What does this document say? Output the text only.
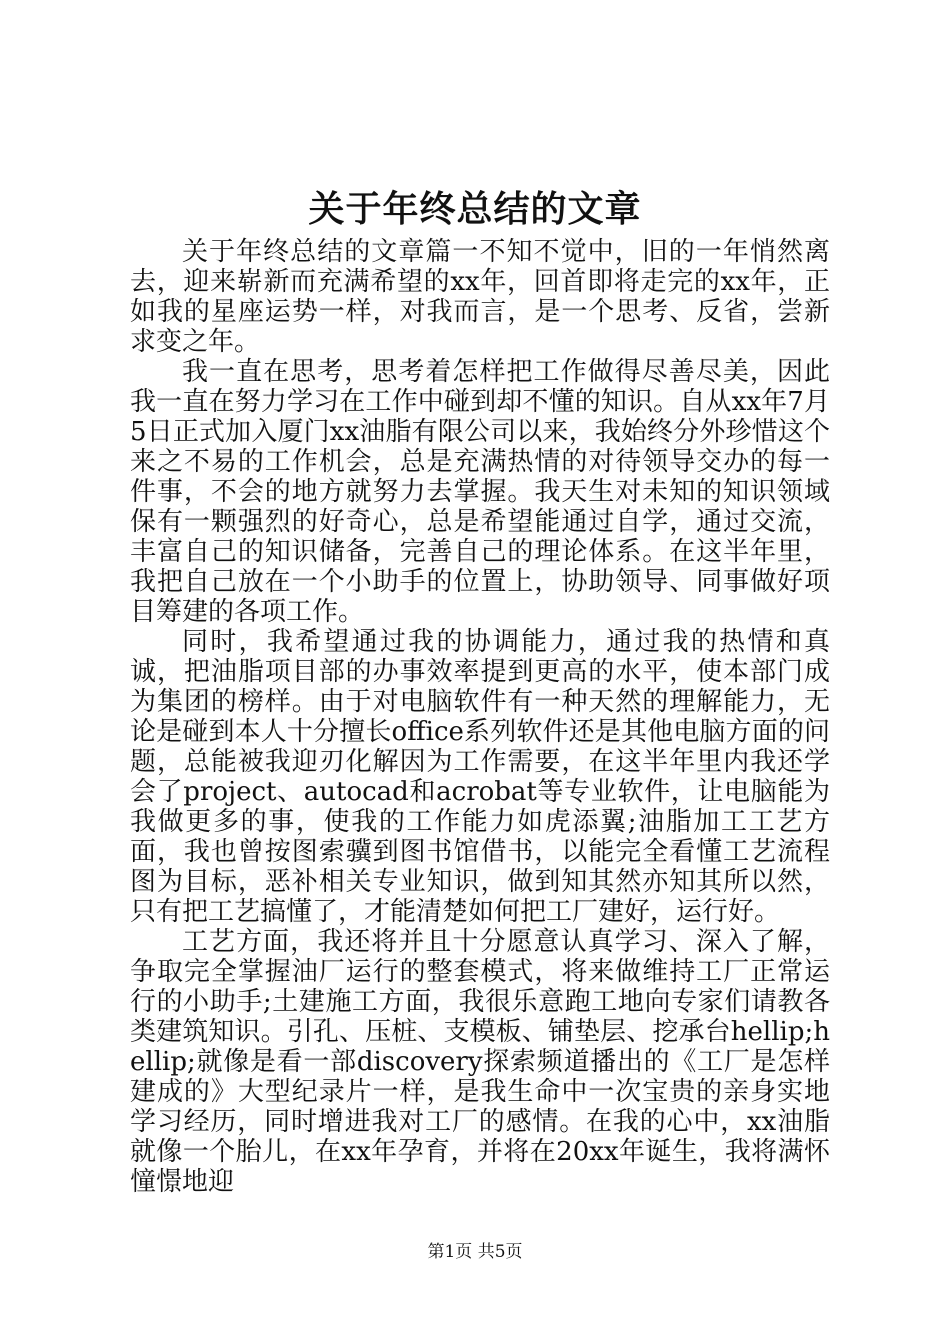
关于年终总结的文章

关于年终总结的文章篇一不知不觉中，旧的一年悄然离去，迎来崭新而充满希望的xx年，回首即将走完的xx年，正如我的星座运势一样，对我而言，是一个思考、反省，尝新求变之年。

我一直在思考，思考着怎样把工作做得尽善尽美，因此我一直在努力学习在工作中碰到却不懂的知识。自从xx年7月5日正式加入厦门xx油脂有限公司以来，我始终分外珍惜这个来之不易的工作机会，总是充满热情的对待领导交办的每一件事，不会的地方就努力去掌握。我天生对未知的知识领域保有一颗强烈的好奇心，总是希望能通过自学，通过交流，丰富自己的知识储备，完善自己的理论体系。在这半年里，我把自己放在一个小助手的位置上，协助领导、同事做好项目筹建的各项工作。

同时，我希望通过我的协调能力，通过我的热情和真诚，把油脂项目部的办事效率提到更高的水平，使本部门成为集团的榜样。由于对电脑软件有一种天然的理解能力，无论是碰到本人十分擅长office系列软件还是其他电脑方面的问题，总能被我迎刃化解因为工作需要，在这半年里内我还学会了project、autocad和acrobat等专业软件，让电脑能为我做更多的事，使我的工作能力如虎添翼;油脂加工工艺方面，我也曾按图索骥到图书馆借书，以能完全看懂工艺流程图为目标，恶补相关专业知识，做到知其然亦知其所以然，只有把工艺搞懂了，才能清楚如何把工厂建好，运行好。

工艺方面，我还将并且十分愿意认真学习、深入了解，争取完全掌握油厂运行的整套模式，将来做维持工厂正常运行的小助手;土建施工方面，我很乐意跑工地向专家们请教各类建筑知识。引孔、压桩、支模板、铺垫层、挖承台hellip;hellip;就像是看一部discovery探索频道播出的《工厂是怎样建成的》大型纪录片一样，是我生命中一次宝贵的亲身实地学习经历，同时增进我对工厂的感情。在我的心中，xx油脂就像一个胎儿，在xx年孕育，并将在20xx年诞生，我将满怀憧憬地迎

第1页 共5页
